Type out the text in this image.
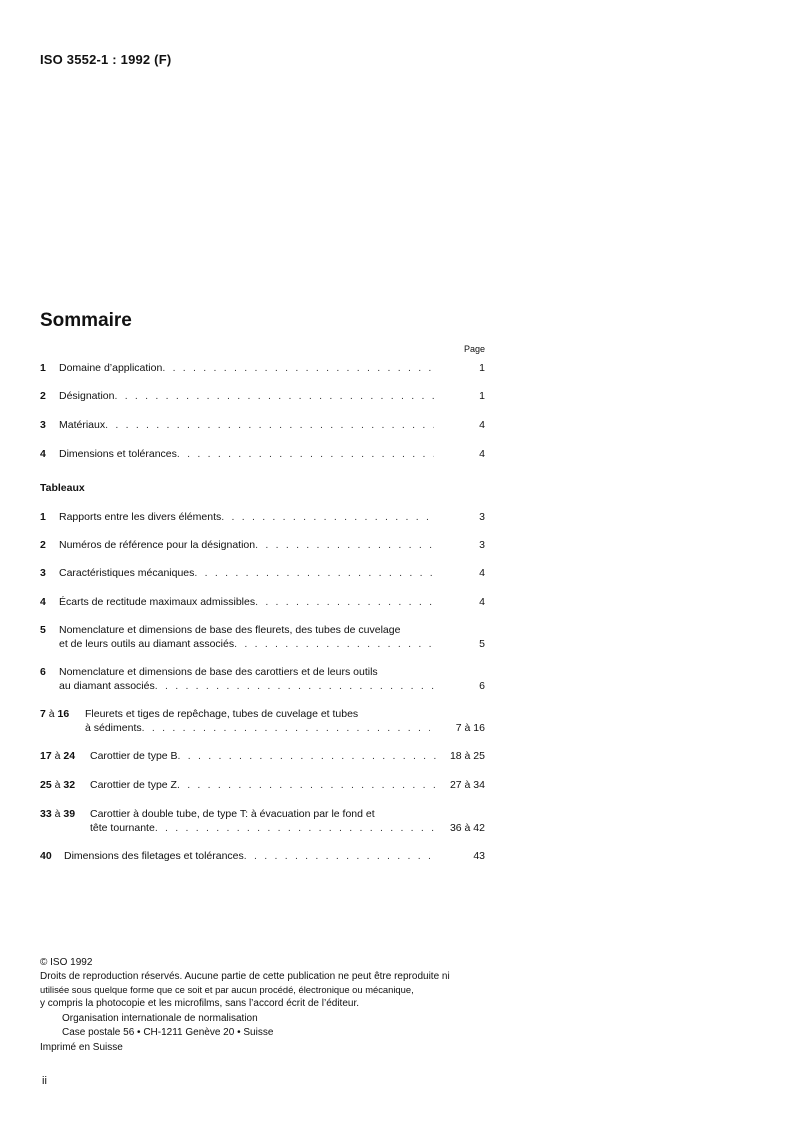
ISO 3552-1 : 1992 (F)
Sommaire
Page
1 Domaine d’application . . .	1
2 Désignation . . .	1
3 Matériaux . . .	4
4 Dimensions et tolérances . . .	4
Tableaux
1 Rapports entre les divers éléments . . .	3
2 Numéros de référence pour la désignation . . .	3
3 Caractéristiques mécaniques . . .	4
4 Écarts de rectitude maximaux admissibles . . .	4
5 Nomenclature et dimensions de base des fleurets, des tubes de cuvelage
et de leurs outils au diamant associés . . .	5
6 Nomenclature et dimensions de base des carottiers et de leurs outils
au diamant associés . . .	6
7 à 16 Fleurets et tiges de repêchage, tubes de cuvelage et tubes
à sédiments . . .	7 à 16
17 à 24 Carottier de type B . . .	18 à 25
25 à 32 Carottier de type Z . . .	27 à 34
33 à 39 Carottier à double tube, de type T: à évacuation par le fond et
tête tournante . . .	36 à 42
40 Dimensions des filetages et tolérances . . .	43
© ISO 1992
Droits de reproduction réservés. Aucune partie de cette publication ne peut être reproduite ni
utilisée sous quelque forme que ce soit et par aucun procédé, électronique ou mécanique,
y compris la photocopie et les microfilms, sans l’accord écrit de l’éditeur.
Organisation internationale de normalisation
Case postale 56 • CH-1211 Genève 20 • Suisse
Imprimé en Suisse
ii
